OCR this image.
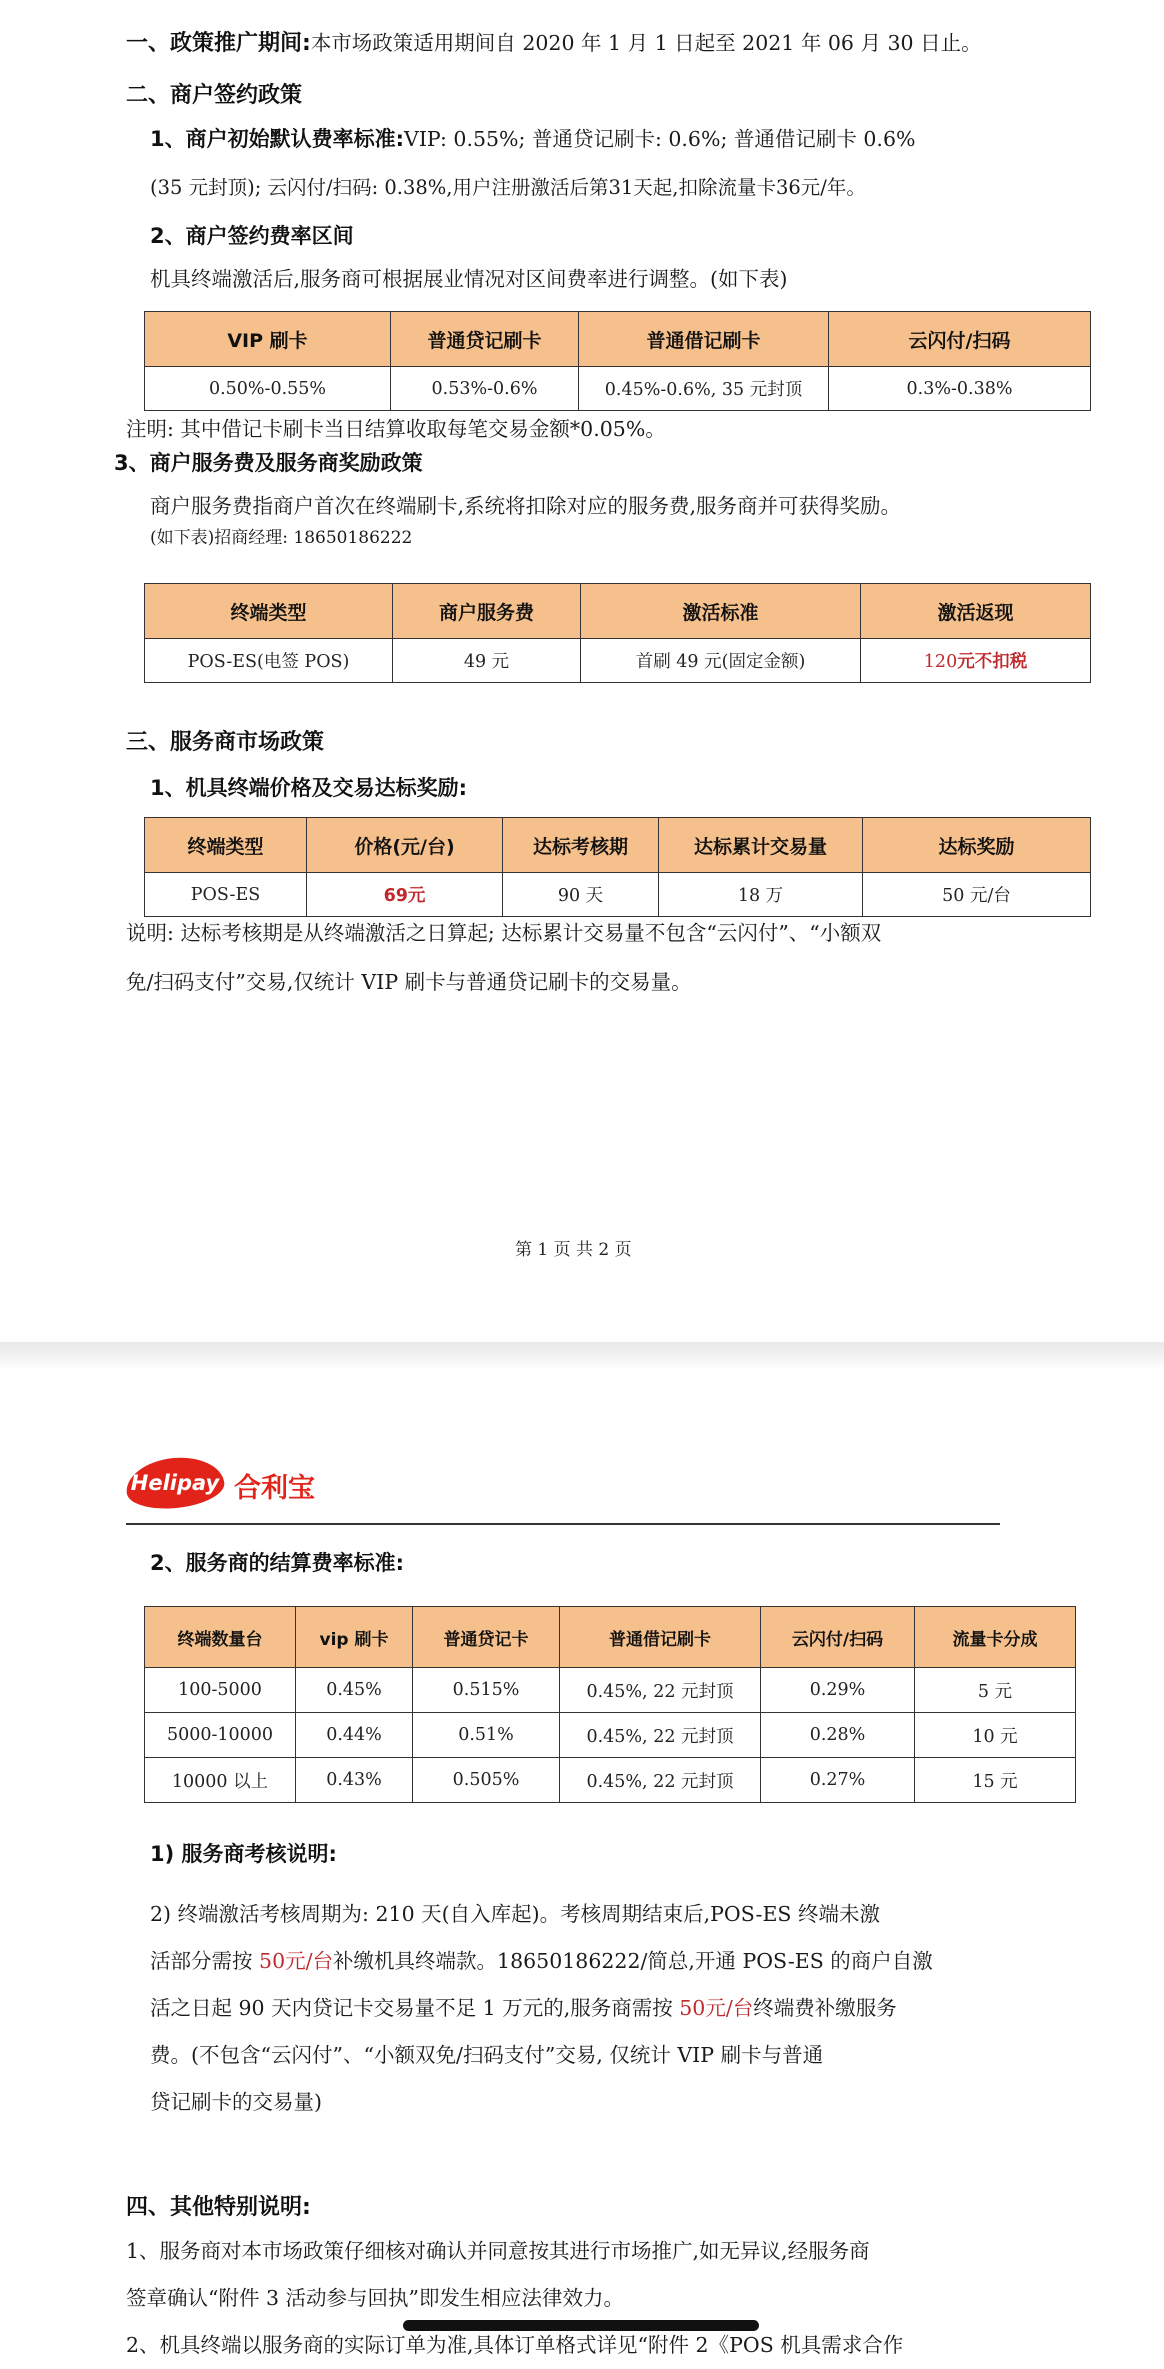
一、政策推广期间:本市场政策适用期间自 2020 年 1 月 1 日起至 2021 年 06 月 30 日止。
二、商户签约政策
1、商户初始默认费率标准:VIP: 0.55%; 普通贷记刷卡: 0.6%; 普通借记刷卡 0.6%
(35 元封顶); 云闪付/扫码: 0.38%,用户注册激活后第31天起,扣除流量卡36元/年。
2、商户签约费率区间
机具终端激活后,服务商可根据展业情况对区间费率进行调整。(如下表)
VIP 刷卡	普通贷记刷卡	普通借记刷卡	云闪付/扫码
0.50%-0.55%	0.53%-0.6%	0.45%-0.6%, 35 元封顶	0.3%-0.38%
注明: 其中借记卡刷卡当日结算收取每笔交易金额*0.05%。
3、商户服务费及服务商奖励政策
商户服务费指商户首次在终端刷卡,系统将扣除对应的服务费,服务商并可获得奖励。
(如下表)招商经理: 18650186222
终端类型	商户服务费	激活标准	激活返现
POS-ES(电签 POS)	49 元	首刷 49 元(固定金额)	120元不扣税
三、服务商市场政策
1、机具终端价格及交易达标奖励:
终端类型	价格(元/台)	达标考核期	达标累计交易量	达标奖励
POS-ES	69元	90 天	18 万	50 元/台
说明: 达标考核期是从终端激活之日算起; 达标累计交易量不包含“云闪付”、“小额双
免/扫码支付”交易,仅统计 VIP 刷卡与普通贷记刷卡的交易量。
第 1 页 共 2 页
Helipay 合利宝
2、服务商的结算费率标准:
终端数量台	vip 刷卡	普通贷记卡	普通借记刷卡	云闪付/扫码	流量卡分成
100-5000	0.45%	0.515%	0.45%, 22 元封顶	0.29%	5 元
5000-10000	0.44%	0.51%	0.45%, 22 元封顶	0.28%	10 元
10000 以上	0.43%	0.505%	0.45%, 22 元封顶	0.27%	15 元
1) 服务商考核说明:
2) 终端激活考核周期为: 210 天(自入库起)。考核周期结束后,POS-ES 终端未激
活部分需按 50元/台补缴机具终端款。18650186222/简总,开通 POS-ES 的商户自激
活之日起 90 天内贷记卡交易量不足 1 万元的,服务商需按 50元/台终端费补缴服务
费。(不包含“云闪付”、“小额双免/扫码支付”交易, 仅统计 VIP 刷卡与普通
贷记刷卡的交易量)
四、其他特别说明:
1、服务商对本市场政策仔细核对确认并同意按其进行市场推广,如无异议,经服务商
签章确认“附件 3 活动参与回执”即发生相应法律效力。
2、机具终端以服务商的实际订单为准,具体订单格式详见“附件 2《POS 机具需求合作
